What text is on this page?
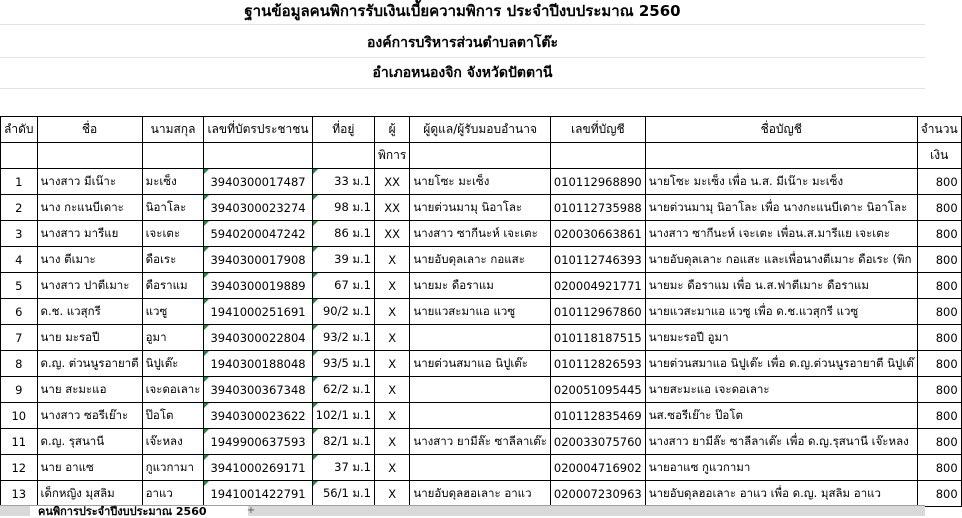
ฐานข้อมูลคนพิการรับเงินเบี้ยความพิการ ประจำปีงบประมาณ 2560
องค์การบริหารส่วนตำบลตาโต๊ะ
อำเภอหนองจิก จังหวัดปัตตานี
ลำดับ	ชื่อ	นามสกุล	เลขที่บัตรประชาชน	ที่อยู่	ผู้	ผู้ดูแล/ผู้รับมอบอำนาจ	เลขที่บัญชี	ชื่อบัญชี	จำนวน
					พิการ				เงิน
1	นางสาว มีเน๊าะ	มะเซ็ง	3940300017487	33 ม.1	XX	นายโซะ มะเซ็ง	010112968890	นายโซะ มะเซ็ง เพื่อ น.ส. มีเน๊าะ มะเซ็ง	800
2	นาง กะแนบีเดาะ	นิอาโละ	3940300023274	98 ม.1	XX	นายต่วนมามุ นิอาโละ	010112735988	นายต่วนมามุ นิอาโละ เพื่อ นางกะแนบีเดาะ นิอาโละ	800
3	นางสาว มารีแย	เจะเตะ	5940200047242	86 ม.1	XX	นางสาว ซากีนะห์ เจะเตะ	020030663861	นางสาว ซากีนะห์ เจะเตะ เพื่อน.ส.มารีแย เจะเตะ	800
4	นาง ตีเมาะ	ดือเระ	3940300017908	39 ม.1	X	นายอับดุลเลาะ กอแสะ	010112746393	นายอับดุลเลาะ กอแสะ และเพื่อนางตีเมาะ ดือเระ (พิก	800
5	นางสาว ปาตีเมาะ	ดือราแม	3940300019889	67 ม.1	X	นายมะ ดือราแม	020004921771	นายมะ ดือราแม เพื่อ น.ส.ฟาตีเมาะ ดือราแม	800
6	ด.ช. แวสุกรี	แวซู	1941000251691	90/2 ม.1	X	นายแวสะมาแอ แวซู	010112967860	นายแวสะมาแอ แวซู เพื่อ ด.ช.แวสุกรี แวซู	800
7	นาย มะรอปี	อูมา	3940300022804	93/2 ม.1	X		010118187515	นายมะรอปี อูมา	800
8	ด.ญ. ต่วนนูรอายาตี	นิปูเต๊ะ	1940300188048	93/5 ม.1	X	นายต่วนสมาแอ นิปูเต๊ะ	010112826593	นายต่วนสมาแอ นิปูเต๊ะ เพื่อ ด.ญ.ต่วนนูรอายาตี นิปูเต๊	800
9	นาย สะมะแอ	เจะดอเลาะ	3940300367348	62/2 ม.1	X		020051095445	นายสะมะแอ เจะดอเลาะ	800
10	นางสาว ซอรีเย๊าะ	ป๊อโต	3940300023622	102/1 ม.1	X		010112835469	นส.ซอรีเย๊าะ ป๊อโต	800
11	ด.ญ. รุสนานี	เจ๊ะหลง	1949900637593	82/1 ม.1	X	นางสาว ยามีล๊ะ ซาลีลาเต๊ะ	020033075760	นางสาว ยามีล๊ะ ซาลีลาเต๊ะ เพื่อ ด.ญ.รุสนานี เจ๊ะหลง	800
12	นาย อาแซ	กูแวกามา	3941000269171	37 ม.1	X		020004716902	นายอาแซ กูแวกามา	800
13	เด็กหญิง มุสลิม	อาแว	1941001422791	56/1 ม.1	X	นายอับดุลฮอเลาะ อาแว	020007230963	นายอับดุลฮอเลาะ อาแว เพื่อ ด.ญ. มุสลิม อาแว	800
คนพิการประจำปีงบประมาณ 2560	+
